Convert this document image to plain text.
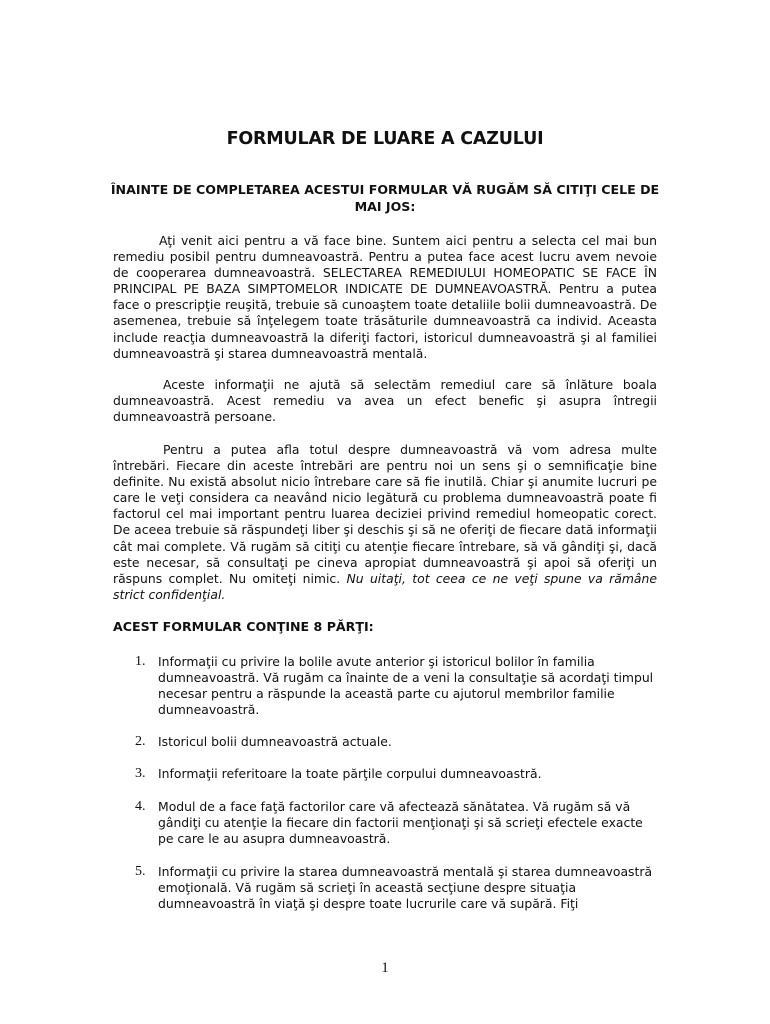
FORMULAR DE LUARE A CAZULUI
ÎNAINTE DE COMPLETAREA ACESTUI FORMULAR VĂ RUGĂM SĂ CITIŢI CELE DE MAI JOS:
Aţi venit aici pentru a vă face bine. Suntem aici pentru a selecta cel mai bun remediu posibil pentru dumneavoastră. Pentru a putea face acest lucru avem nevoie de cooperarea dumneavoastră. SELECTAREA REMEDIULUI HOMEOPATIC SE FACE ÎN PRINCIPAL PE BAZA SIMPTOMELOR INDICATE DE DUMNEAVOASTRĂ. Pentru a putea face o prescripţie reuşită, trebuie să cunoaştem toate detaliile bolii dumneavoastră. De asemenea, trebuie să înţelegem toate trăsăturile dumneavoastră ca individ. Aceasta include reacţia dumneavoastră la diferiţi factori, istoricul dumneavoastră şi al familiei dumneavoastră şi starea dumneavoastră mentală.
Aceste informaţii ne ajută să selectăm remediul care să înlăture boala dumneavoastră. Acest remediu va avea un efect benefic şi asupra întregii dumneavoastră persoane.
Pentru a putea afla totul despre dumneavoastră vă vom adresa multe întrebări. Fiecare din aceste întrebări are pentru noi un sens şi o semnificaţie bine definite. Nu există absolut nicio întrebare care să fie inutilă. Chiar şi anumite lucruri pe care le veţi considera ca neavând nicio legătură cu problema dumneavoastră poate fi factorul cel mai important pentru luarea deciziei privind remediul homeopatic corect. De aceea trebuie să răspundeţi liber şi deschis şi să ne oferiţi de fiecare dată informaţii cât mai complete. Vă rugăm să citiţi cu atenţie fiecare întrebare, să vă gândiţi şi, dacă este necesar, să consultaţi pe cineva apropiat dumneavoastră şi apoi să oferiţi un răspuns complet. Nu omiteţi nimic. Nu uitaţi, tot ceea ce ne veţi spune va rămâne strict confidenţial.
ACEST FORMULAR CONŢINE 8 PĂRŢI:
1. Informaţii cu privire la bolile avute anterior şi istoricul bolilor în familia dumneavoastră. Vă rugăm ca înainte de a veni la consultaţie să acordaţi timpul necesar pentru a răspunde la această parte cu ajutorul membrilor familie dumneavoastră.
2. Istoricul bolii dumneavoastră actuale.
3. Informaţii referitoare la toate părţile corpului dumneavoastră.
4. Modul de a face faţă factorilor care vă afectează sănătatea. Vă rugăm să vă gândiţi cu atenţie la fiecare din factorii menţionaţi şi să scrieţi efectele exacte pe care le au asupra dumneavoastră.
5. Informaţii cu privire la starea dumneavoastră mentală şi starea dumneavoastră emoţională. Vă rugăm să scrieţi în această secţiune despre situaţia dumneavoastră în viaţă şi despre toate lucrurile care vă supără. Fiţi
1
